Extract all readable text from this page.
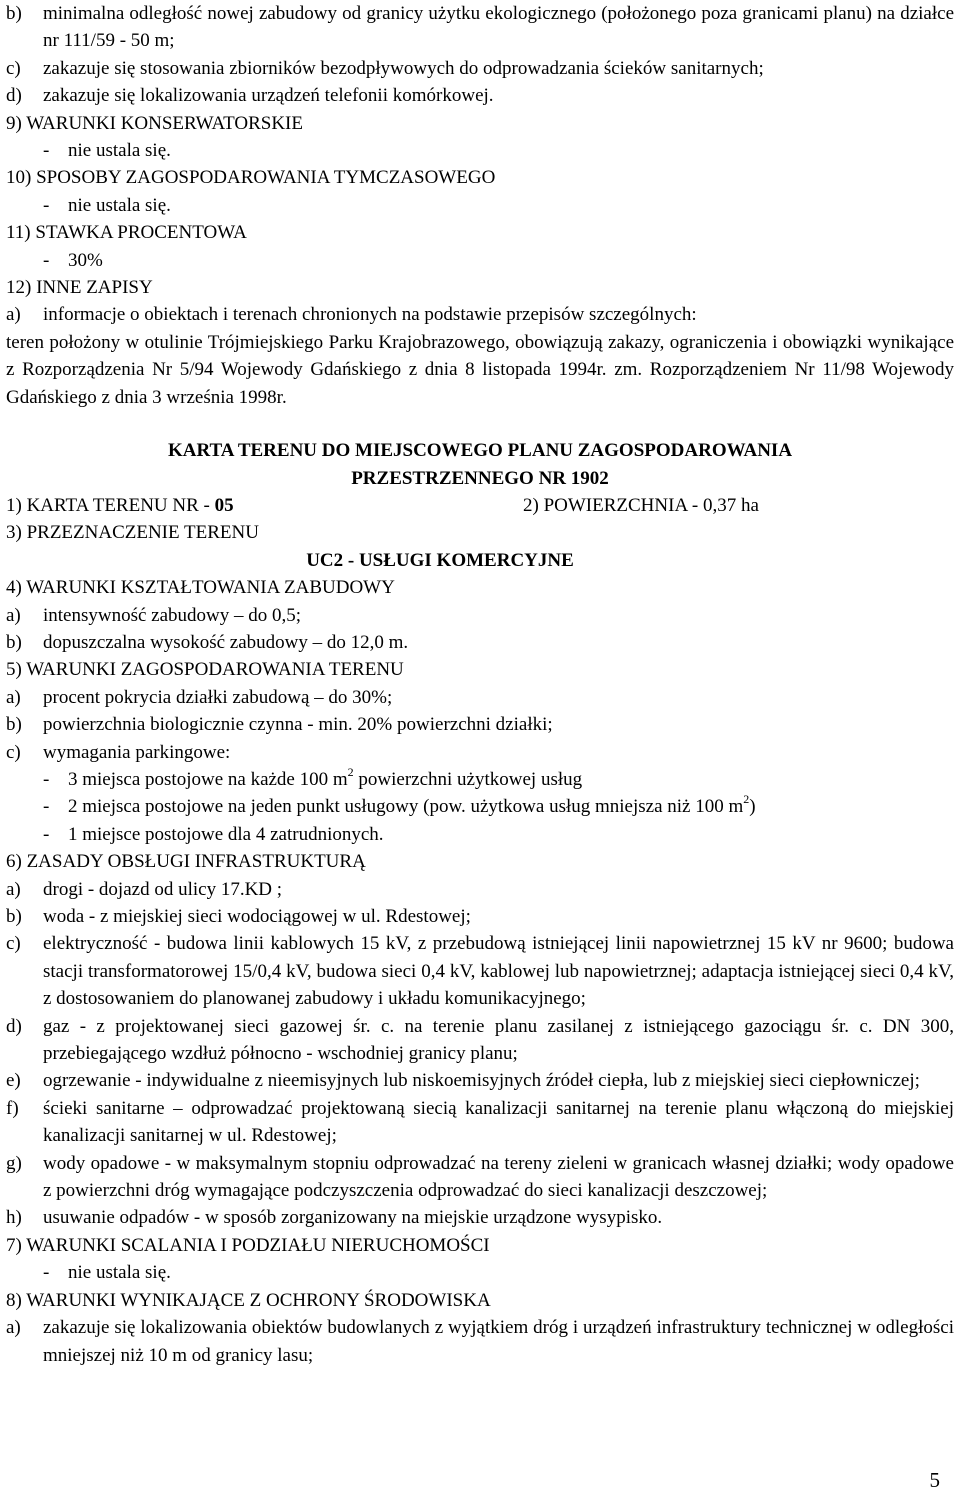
b)	minimalna odległość nowej zabudowy od granicy użytku ekologicznego (położonego poza granicami planu) na działce nr 111/59 - 50 m;
c)	zakazuje się stosowania zbiorników bezodpływowych do odprowadzania ścieków sanitarnych;
d)	zakazuje się lokalizowania urządzeń telefonii komórkowej.
9) WARUNKI KONSERWATORSKIE
- nie ustala się.
10) SPOSOBY ZAGOSPODAROWANIA TYMCZASOWEGO
- nie ustala się.
11) STAWKA PROCENTOWA
- 30%
12) INNE ZAPISY
a)	informacje o obiektach i terenach chronionych na podstawie przepisów szczególnych:
teren położony w otulinie Trójmiejskiego Parku Krajobrazowego, obowiązują zakazy, ograniczenia i obowiązki wynikające z Rozporządzenia Nr 5/94 Wojewody Gdańskiego z dnia 8 listopada 1994r. zm. Rozporządzeniem Nr 11/98 Wojewody Gdańskiego z dnia 3 września 1998r.
KARTA TERENU DO MIEJSCOWEGO PLANU ZAGOSPODAROWANIA
PRZESTRZENNEGO NR 1902
1) KARTA TERENU NR - 05	2) POWIERZCHNIA - 0,37 ha
3) PRZEZNACZENIE TERENU
UC2 - USŁUGI KOMERCYJNE
4) WARUNKI KSZTAŁTOWANIA ZABUDOWY
a)	intensywność zabudowy – do 0,5;
b)	dopuszczalna wysokość zabudowy – do 12,0 m.
5) WARUNKI ZAGOSPODAROWANIA TERENU
a)	procent pokrycia działki zabudową – do 30%;
b)	powierzchnia biologicznie czynna - min. 20% powierzchni działki;
c)	wymagania parkingowe:
- 3 miejsca postojowe na każde 100 $m^2$ powierzchni użytkowej usług
- 2 miejsca postojowe na jeden punkt usługowy (pow. użytkowa usług mniejsza niż 100 $m^2$)
- 1 miejsce postojowe dla 4 zatrudnionych.
6) ZASADY OBSŁUGI INFRASTRUKTURĄ
a)	drogi - dojazd od ulicy 17.KD ;
b)	woda - z miejskiej sieci wodociągowej w ul. Rdestowej;
c)	elektryczność - budowa linii kablowych 15 kV, z przebudową istniejącej linii napowietrznej 15 kV nr 9600; budowa stacji transformatorowej 15/0,4 kV, budowa sieci 0,4 kV, kablowej lub napowietrznej; adaptacja istniejącej sieci 0,4 kV, z dostosowaniem do planowanej zabudowy i układu komunikacyjnego;
d)	gaz - z projektowanej sieci gazowej śr. c. na terenie planu zasilanej z istniejącego gazociągu śr. c. DN 300, przebiegającego wzdłuż północno - wschodniej granicy planu;
e)	ogrzewanie - indywidualne z nieemisyjnych lub niskoemisyjnych źródeł ciepła, lub z miejskiej sieci ciepłowniczej;
f)	ścieki sanitarne – odprowadzać projektowaną siecią kanalizacji sanitarnej na terenie planu włączoną do miejskiej kanalizacji sanitarnej w ul. Rdestowej;
g)	wody opadowe - w maksymalnym stopniu odprowadzać na tereny zieleni w granicach własnej działki; wody opadowe z powierzchni dróg wymagające podczyszczenia odprowadzać do sieci kanalizacji deszczowej;
h)	usuwanie odpadów - w sposób zorganizowany na miejskie urządzone wysypisko.
7) WARUNKI SCALANIA I PODZIAŁU NIERUCHOMOŚCI
- nie ustala się.
8) WARUNKI WYNIKAJĄCE Z OCHRONY ŚRODOWISKA
a)	zakazuje się lokalizowania obiektów budowlanych z wyjątkiem dróg i urządzeń infrastruktury technicznej w odległości mniejszej niż 10 m od granicy lasu;
5
